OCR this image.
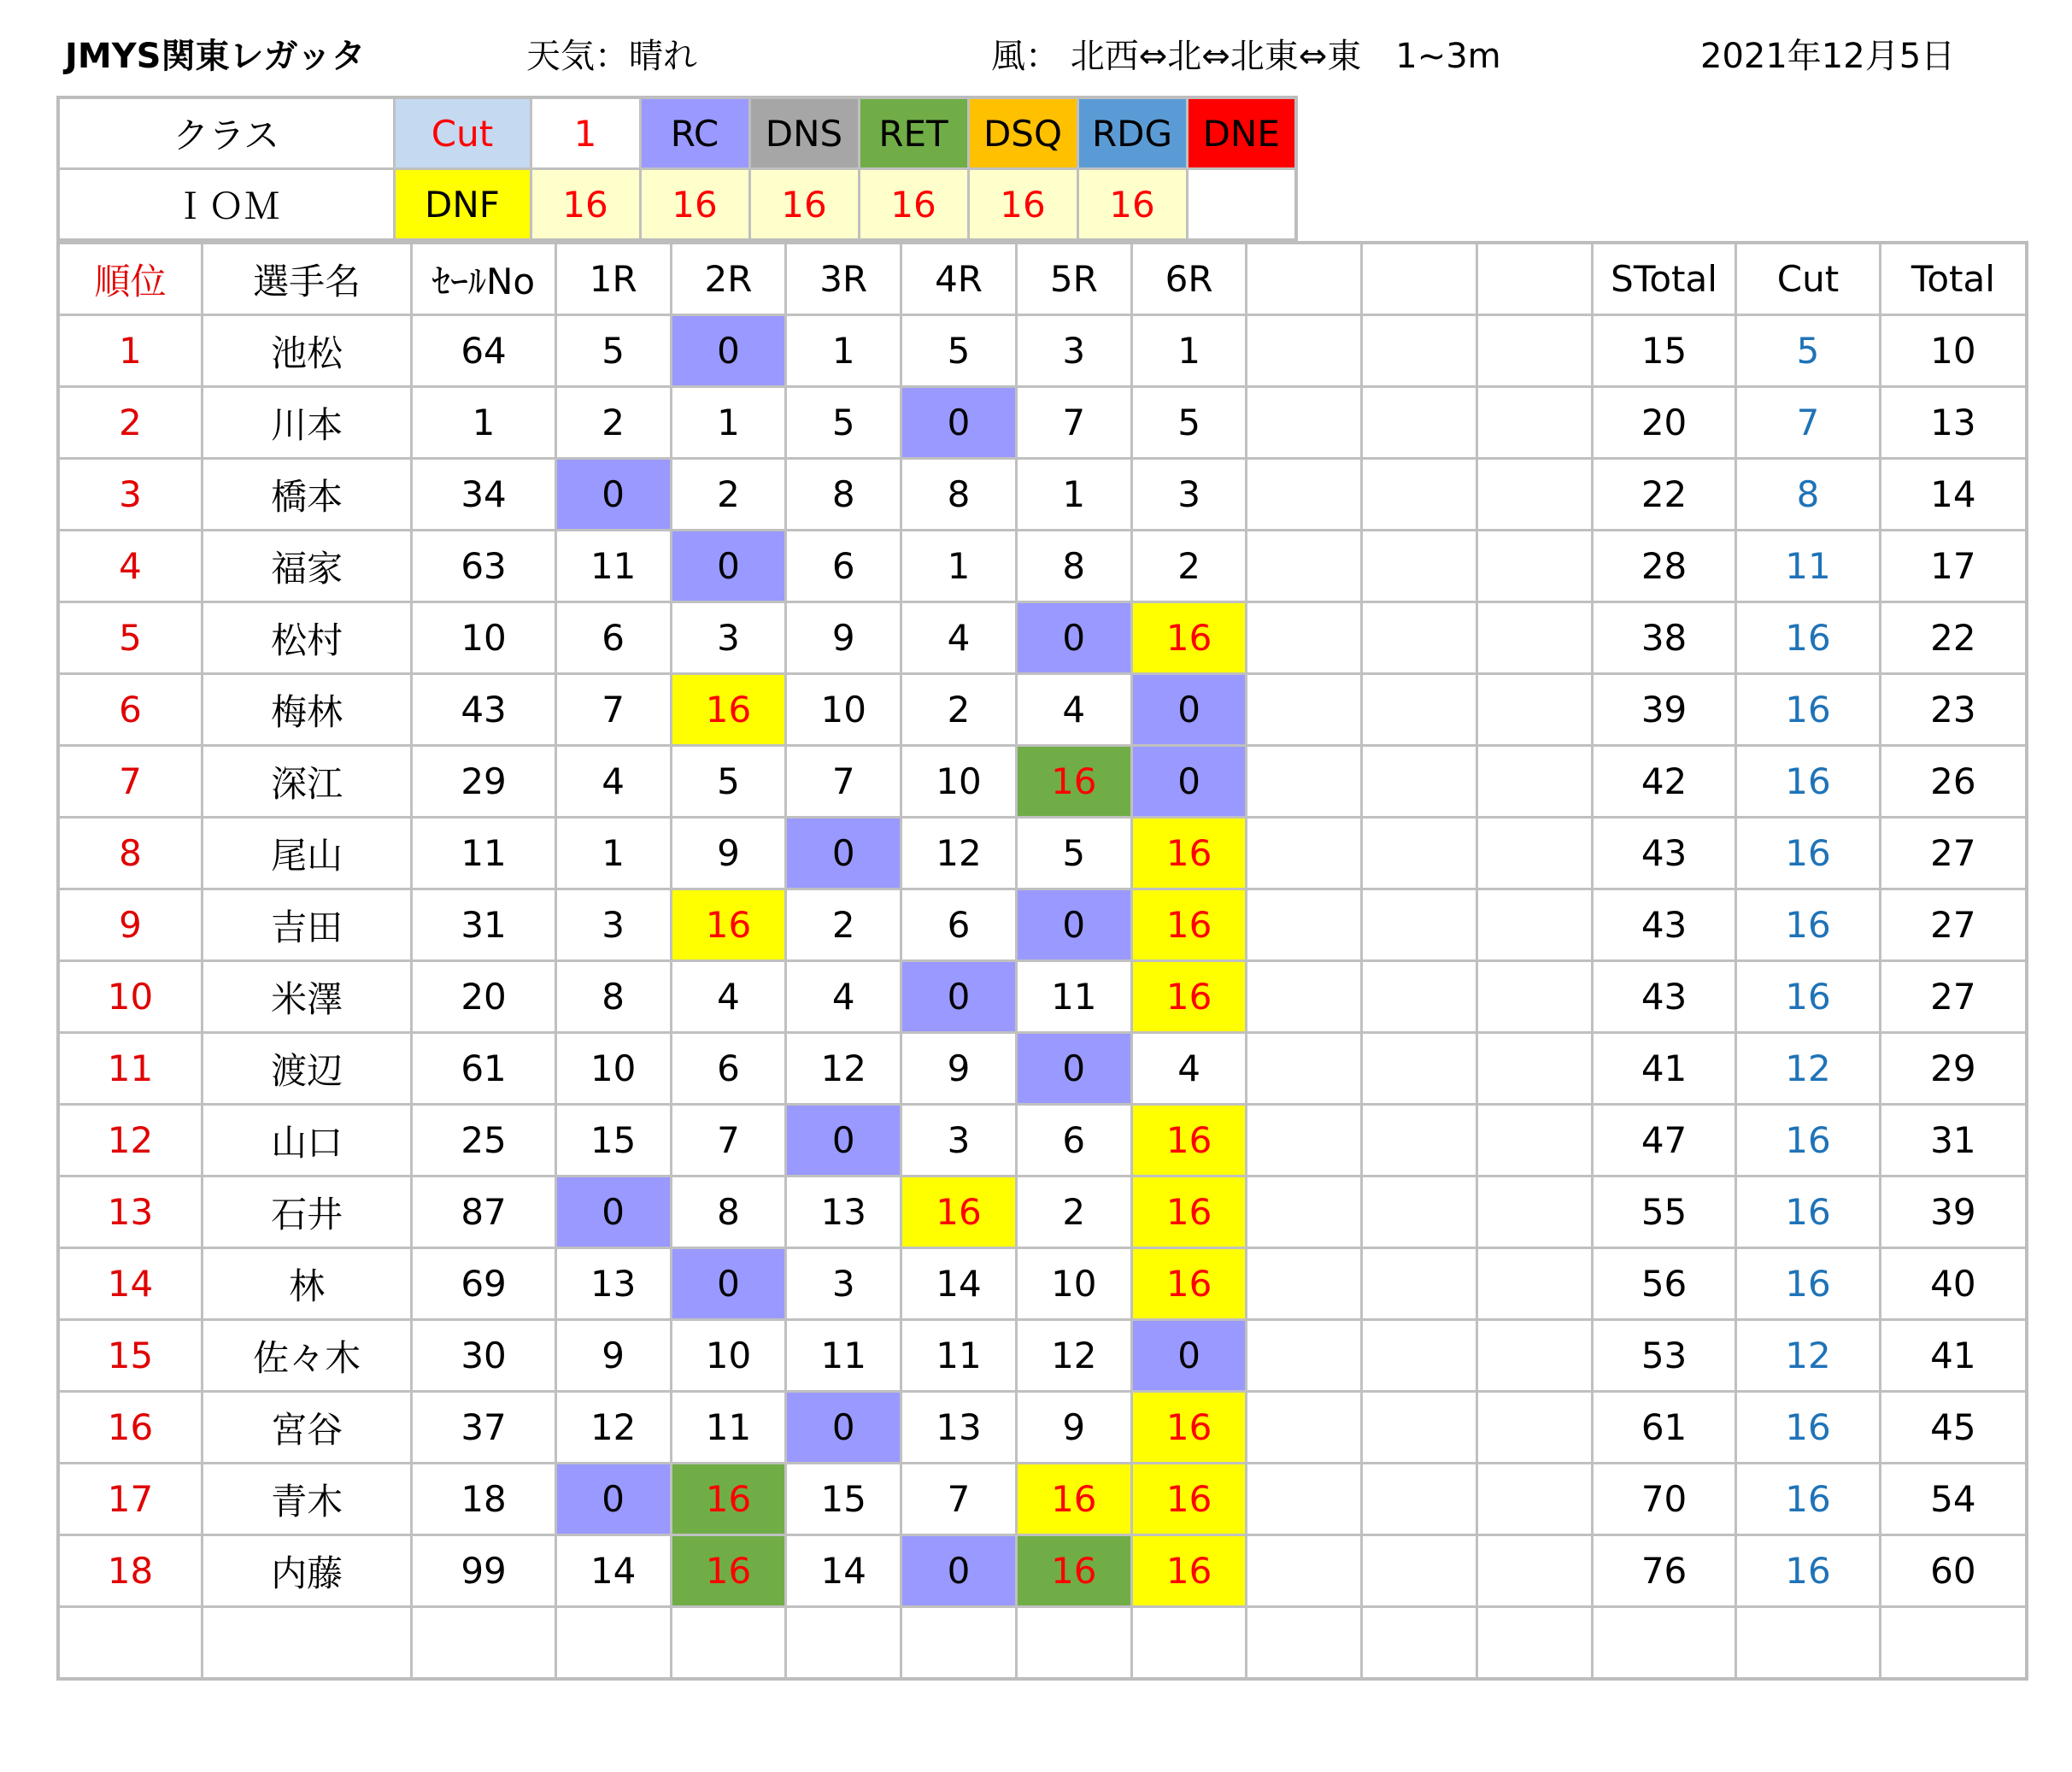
JMYS関東レガッタ	天気：晴れ	風： 北西⇔北⇔北東⇔東　1~3m	2021年12月5日
クラス	Cut	1	RC	DNS	RET	DSQ	RDG	DNE
ＩＯＭ	DNF	16	16	16	16	16	16	
順位	選手名	ｾｰﾙNo	1R	2R	3R	4R	5R	6R				STotal	Cut	Total
1	池松	64	5	0	1	5	3	1				15	5	10
2	川本	1	2	1	5	0	7	5				20	7	13
3	橋本	34	0	2	8	8	1	3				22	8	14
4	福家	63	11	0	6	1	8	2				28	11	17
5	松村	10	6	3	9	4	0	16				38	16	22
6	梅林	43	7	16	10	2	4	0				39	16	23
7	深江	29	4	5	7	10	16	0				42	16	26
8	尾山	11	1	9	0	12	5	16				43	16	27
9	吉田	31	3	16	2	6	0	16				43	16	27
10	米澤	20	8	4	4	0	11	16				43	16	27
11	渡辺	61	10	6	12	9	0	4				41	12	29
12	山口	25	15	7	0	3	6	16				47	16	31
13	石井	87	0	8	13	16	2	16				55	16	39
14	林	69	13	0	3	14	10	16				56	16	40
15	佐々木	30	9	10	11	11	12	0				53	12	41
16	宮谷	37	12	11	0	13	9	16				61	16	45
17	青木	18	0	16	15	7	16	16				70	16	54
18	内藤	99	14	16	14	0	16	16				76	16	60
